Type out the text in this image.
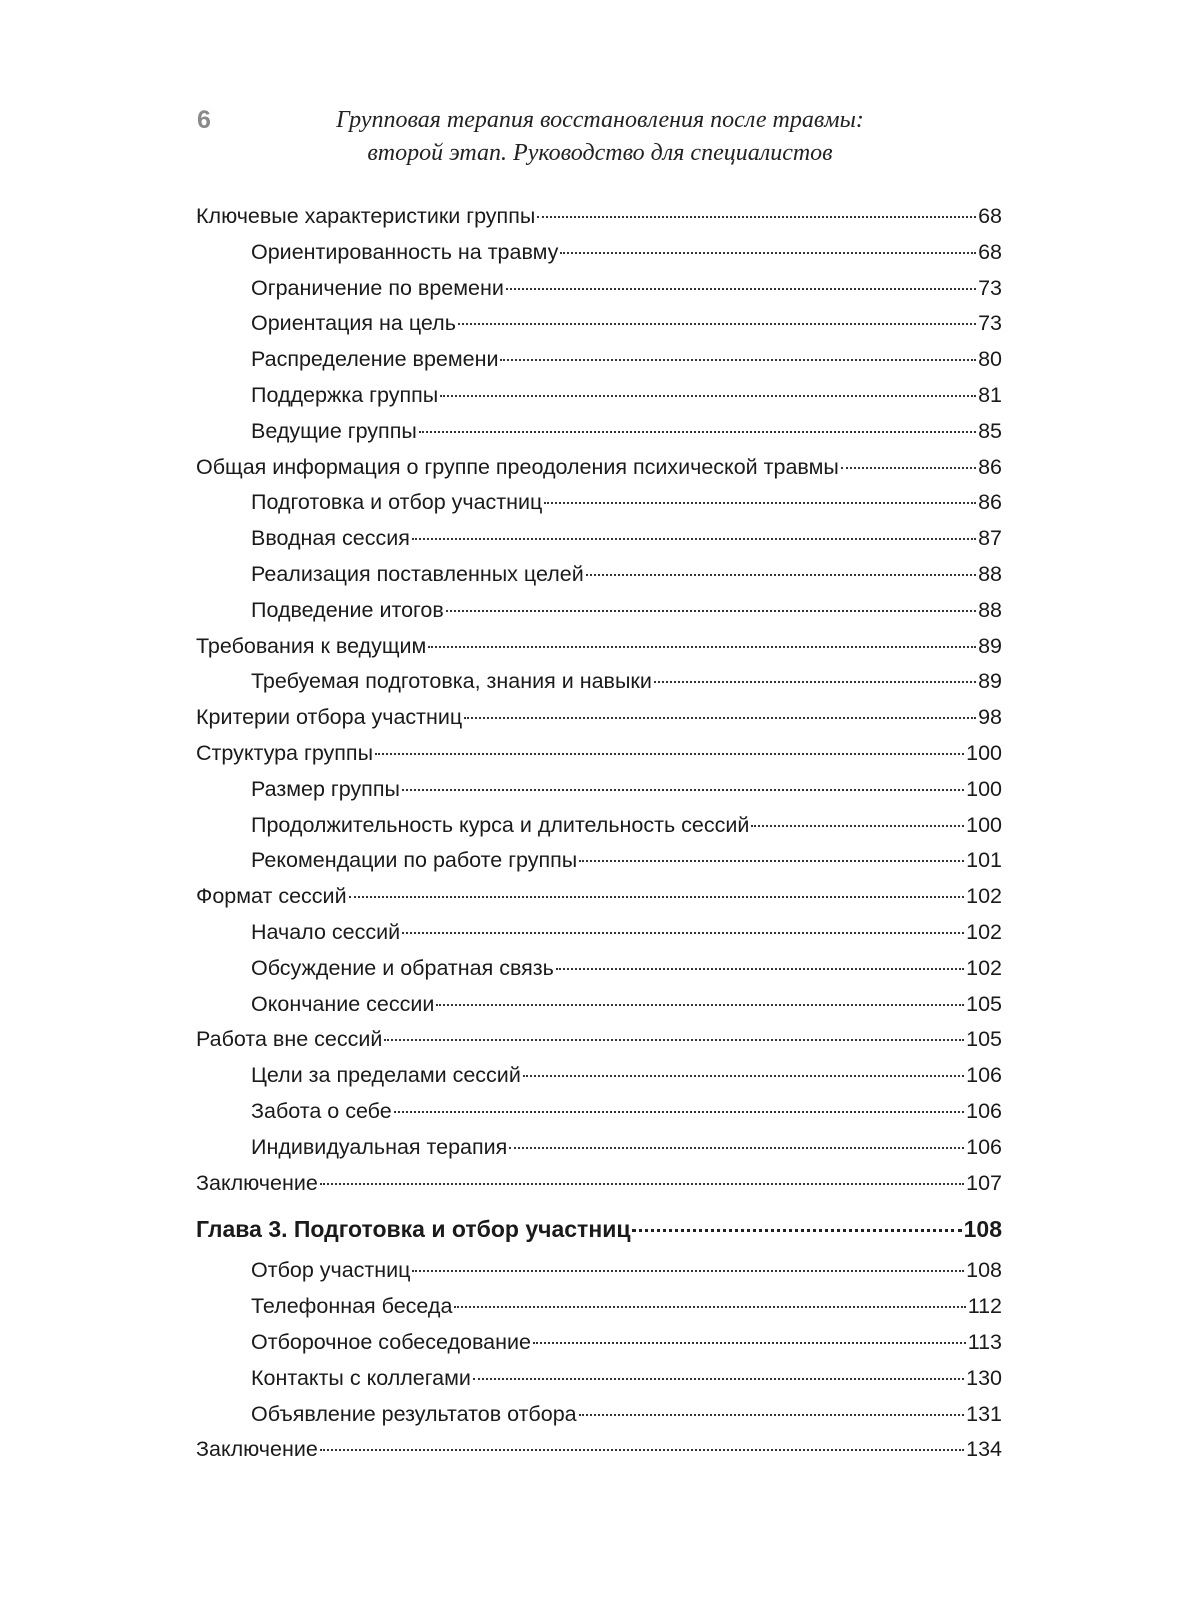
6	Групповая терапия восстановления после травмы:
второй этап. Руководство для специалистов
Ключевые характеристики группы	68
Ориентированность на травму	68
Ограничение по времени	73
Ориентация на цель	73
Распределение времени	80
Поддержка группы	81
Ведущие группы	85
Общая информация о группе преодоления психической травмы	86
Подготовка и отбор участниц	86
Вводная сессия	87
Реализация поставленных целей	88
Подведение итогов	88
Требования к ведущим	89
Требуемая подготовка, знания и навыки	89
Критерии отбора участниц	98
Структура группы	100
Размер группы	100
Продолжительность курса и длительность сессий	100
Рекомендации по работе группы	101
Формат сессий	102
Начало сессий	102
Обсуждение и обратная связь	102
Окончание сессии	105
Работа вне сессий	105
Цели за пределами сессий	106
Забота о себе	106
Индивидуальная терапия	106
Заключение	107
Глава 3. Подготовка и отбор участниц	108
Отбор участниц	108
Телефонная беседа	112
Отборочное собеседование	113
Контакты с коллегами	130
Объявление результатов отбора	131
Заключение	134
